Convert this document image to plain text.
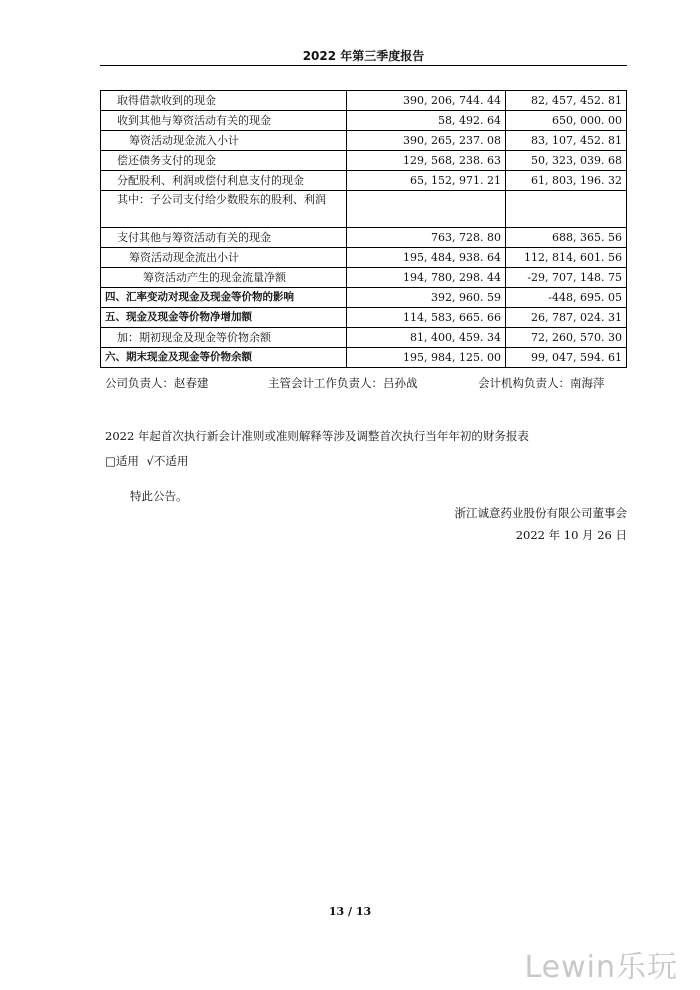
2022 年第三季度报告
取得借款收到的现金	390, 206, 744. 44	82, 457, 452. 81
收到其他与筹资活动有关的现金	58, 492. 64	650, 000. 00
筹资活动现金流入小计	390, 265, 237. 08	83, 107, 452. 81
偿还债务支付的现金	129, 568, 238. 63	50, 323, 039. 68
分配股利、利润或偿付利息支付的现金	65, 152, 971. 21	61, 803, 196. 32
其中：子公司支付给少数股东的股利、利润		
支付其他与筹资活动有关的现金	763, 728. 80	688, 365. 56
筹资活动现金流出小计	195, 484, 938. 64	112, 814, 601. 56
筹资活动产生的现金流量净额	194, 780, 298. 44	-29, 707, 148. 75
四、汇率变动对现金及现金等价物的影响	392, 960. 59	-448, 695. 05
五、现金及现金等价物净增加额	114, 583, 665. 66	26, 787, 024. 31
加：期初现金及现金等价物余额	81, 400, 459. 34	72, 260, 570. 30
六、期末现金及现金等价物余额	195, 984, 125. 00	99, 047, 594. 61
公司负责人：赵春建	主管会计工作负责人：吕孙战	会计机构负责人：南海萍
2022 年起首次执行新会计准则或准则解释等涉及调整首次执行当年年初的财务报表
□适用 √不适用
特此公告。
浙江诚意药业股份有限公司董事会
2022 年 10 月 26 日
13 / 13
Lewin乐玩
